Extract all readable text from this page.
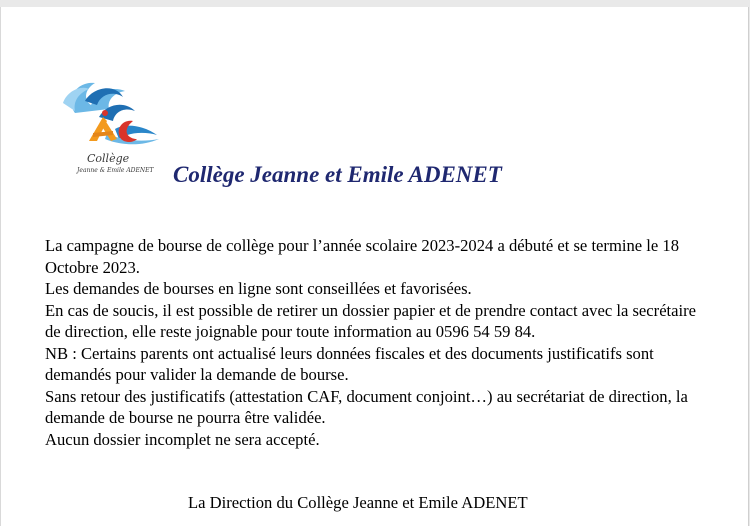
Collège
Jeanne & Emile ADENET Collège Jeanne et Emile ADENET

La campagne de bourse de collège pour l’année scolaire 2023-2024 a débuté et se termine le 18 Octobre 2023.

Les demandes de bourses en ligne sont conseillées et favorisées.

En cas de soucis, il est possible de retirer un dossier papier et de prendre contact avec la secrétaire de direction, elle reste joignable pour toute information au 0596 54 59 84.

NB : Certains parents ont actualisé leurs données fiscales et des documents justificatifs sont demandés pour valider la demande de bourse.

Sans retour des justificatifs (attestation CAF, document conjoint…) au secrétariat de direction, la demande de bourse ne pourra être validée.

Aucun dossier incomplet ne sera accepté.

La Direction du Collège Jeanne et Emile ADENET
